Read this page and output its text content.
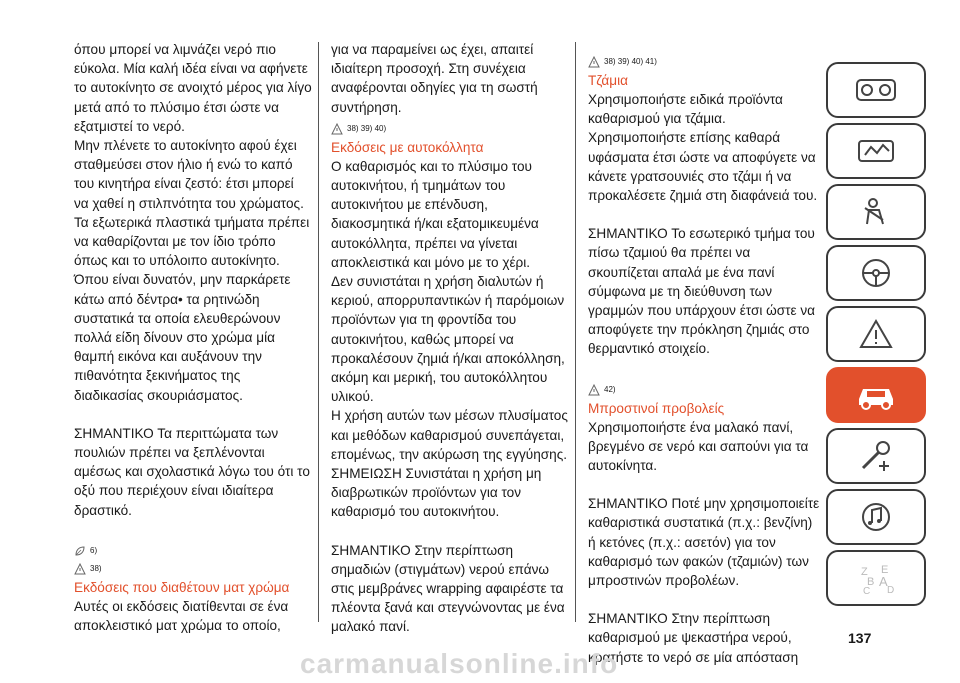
όπου μπορεί να λιμνάζει νερό πιο εύκολα. Μία καλή ιδέα είναι να αφήνετε το αυτοκίνητο σε ανοιχτό μέρος για λίγο μετά από το πλύσιμο έτσι ώστε να εξατμιστεί το νερό.

Μην πλένετε το αυτοκίνητο αφού έχει σταθμεύσει στον ήλιο ή ενώ το καπό του κινητήρα είναι ζεστό: έτσι μπορεί να χαθεί η στιλπνότητα του χρώματος.

Τα εξωτερικά πλαστικά τμήματα πρέπει να καθαρίζονται με τον ίδιο τρόπο όπως και το υπόλοιπο αυτοκίνητο.

Όπου είναι δυνατόν, μην παρκάρετε κάτω από δέντρα• τα ρητινώδη συστατικά τα οποία ελευθερώνουν πολλά είδη δίνουν στο χρώμα μία θαμπή εικόνα και αυξάνουν την πιθανότητα ξεκινήματος της διαδικασίας σκουριάσματος.

ΣΗΜΑΝΤΙΚΟ Τα περιττώματα των πουλιών πρέπει να ξεπλένονται αμέσως και σχολαστικά λόγω του ότι το οξύ που περιέχουν είναι ιδιαίτερα δραστικό.

6)
38)

Εκδόσεις που διαθέτουν ματ χρώμα

Αυτές οι εκδόσεις διατίθενται σε ένα αποκλειστικό ματ χρώμα το οποίο,

για να παραμείνει ως έχει, απαιτεί ιδιαίτερη προσοχή. Στη συνέχεια αναφέρονται οδηγίες για τη σωστή συντήρηση.

38) 39) 40)

Εκδόσεις με αυτοκόλλητα

Ο καθαρισμός και το πλύσιμο του αυτοκινήτου, ή τμημάτων του αυτοκινήτου με επένδυση, διακοσμητικά ή/και εξατομικευμένα αυτοκόλλητα, πρέπει να γίνεται αποκλειστικά και μόνο με το χέρι.

Δεν συνιστάται η χρήση διαλυτών ή κεριού, απορρυπαντικών ή παρόμοιων προϊόντων για τη φροντίδα του αυτοκινήτου, καθώς μπορεί να προκαλέσουν ζημιά ή/και αποκόλληση, ακόμη και μερική, του αυτοκόλλητου υλικού.

Η χρήση αυτών των μέσων πλυσίματος και μεθόδων καθαρισμού συνεπάγεται, επομένως, την ακύρωση της εγγύησης.

ΣΗΜΕΙΩΣΗ Συνιστάται η χρήση μη διαβρωτικών προϊόντων για τον καθαρισμό του αυτοκινήτου.

ΣΗΜΑΝΤΙΚΟ Στην περίπτωση σημαδιών (στιγμάτων) νερού επάνω στις μεμβράνες wrapping αφαιρέστε τα πλέοντα ξανά και στεγνώνοντας με ένα μαλακό πανί.

38) 39) 40) 41)

Τζάμια

Χρησιμοποιήστε ειδικά προϊόντα καθαρισμού για τζάμια.

Χρησιμοποιήστε επίσης καθαρά υφάσματα έτσι ώστε να αποφύγετε να κάνετε γρατσουνιές στο τζάμι ή να προκαλέσετε ζημιά στη διαφάνειά του.

ΣΗΜΑΝΤΙΚΟ Το εσωτερικό τμήμα του πίσω τζαμιού θα πρέπει να σκουπίζεται απαλά με ένα πανί σύμφωνα με τη διεύθυνση των γραμμών που υπάρχουν έτσι ώστε να αποφύγετε την πρόκληση ζημιάς στο θερμαντικό στοιχείο.

42)

Μπροστινοί προβολείς

Χρησιμοποιήστε ένα μαλακό πανί, βρεγμένο σε νερό και σαπούνι για τα αυτοκίνητα.

ΣΗΜΑΝΤΙΚΟ Ποτέ μην χρησιμοποιείτε καθαριστικά συστατικά (π.χ.: βενζίνη) ή κετόνες (π.χ.: ασετόν) για τον καθαρισμό των φακών (τζαμιών) των μπροστινών προβολέων.

ΣΗΜΑΝΤΙΚΟ Στην περίπτωση καθαρισμού με ψεκαστήρα νερού, κρατήστε το νερό σε μία απόσταση

Z E
B A
C D
137
carmanualsonline.info
